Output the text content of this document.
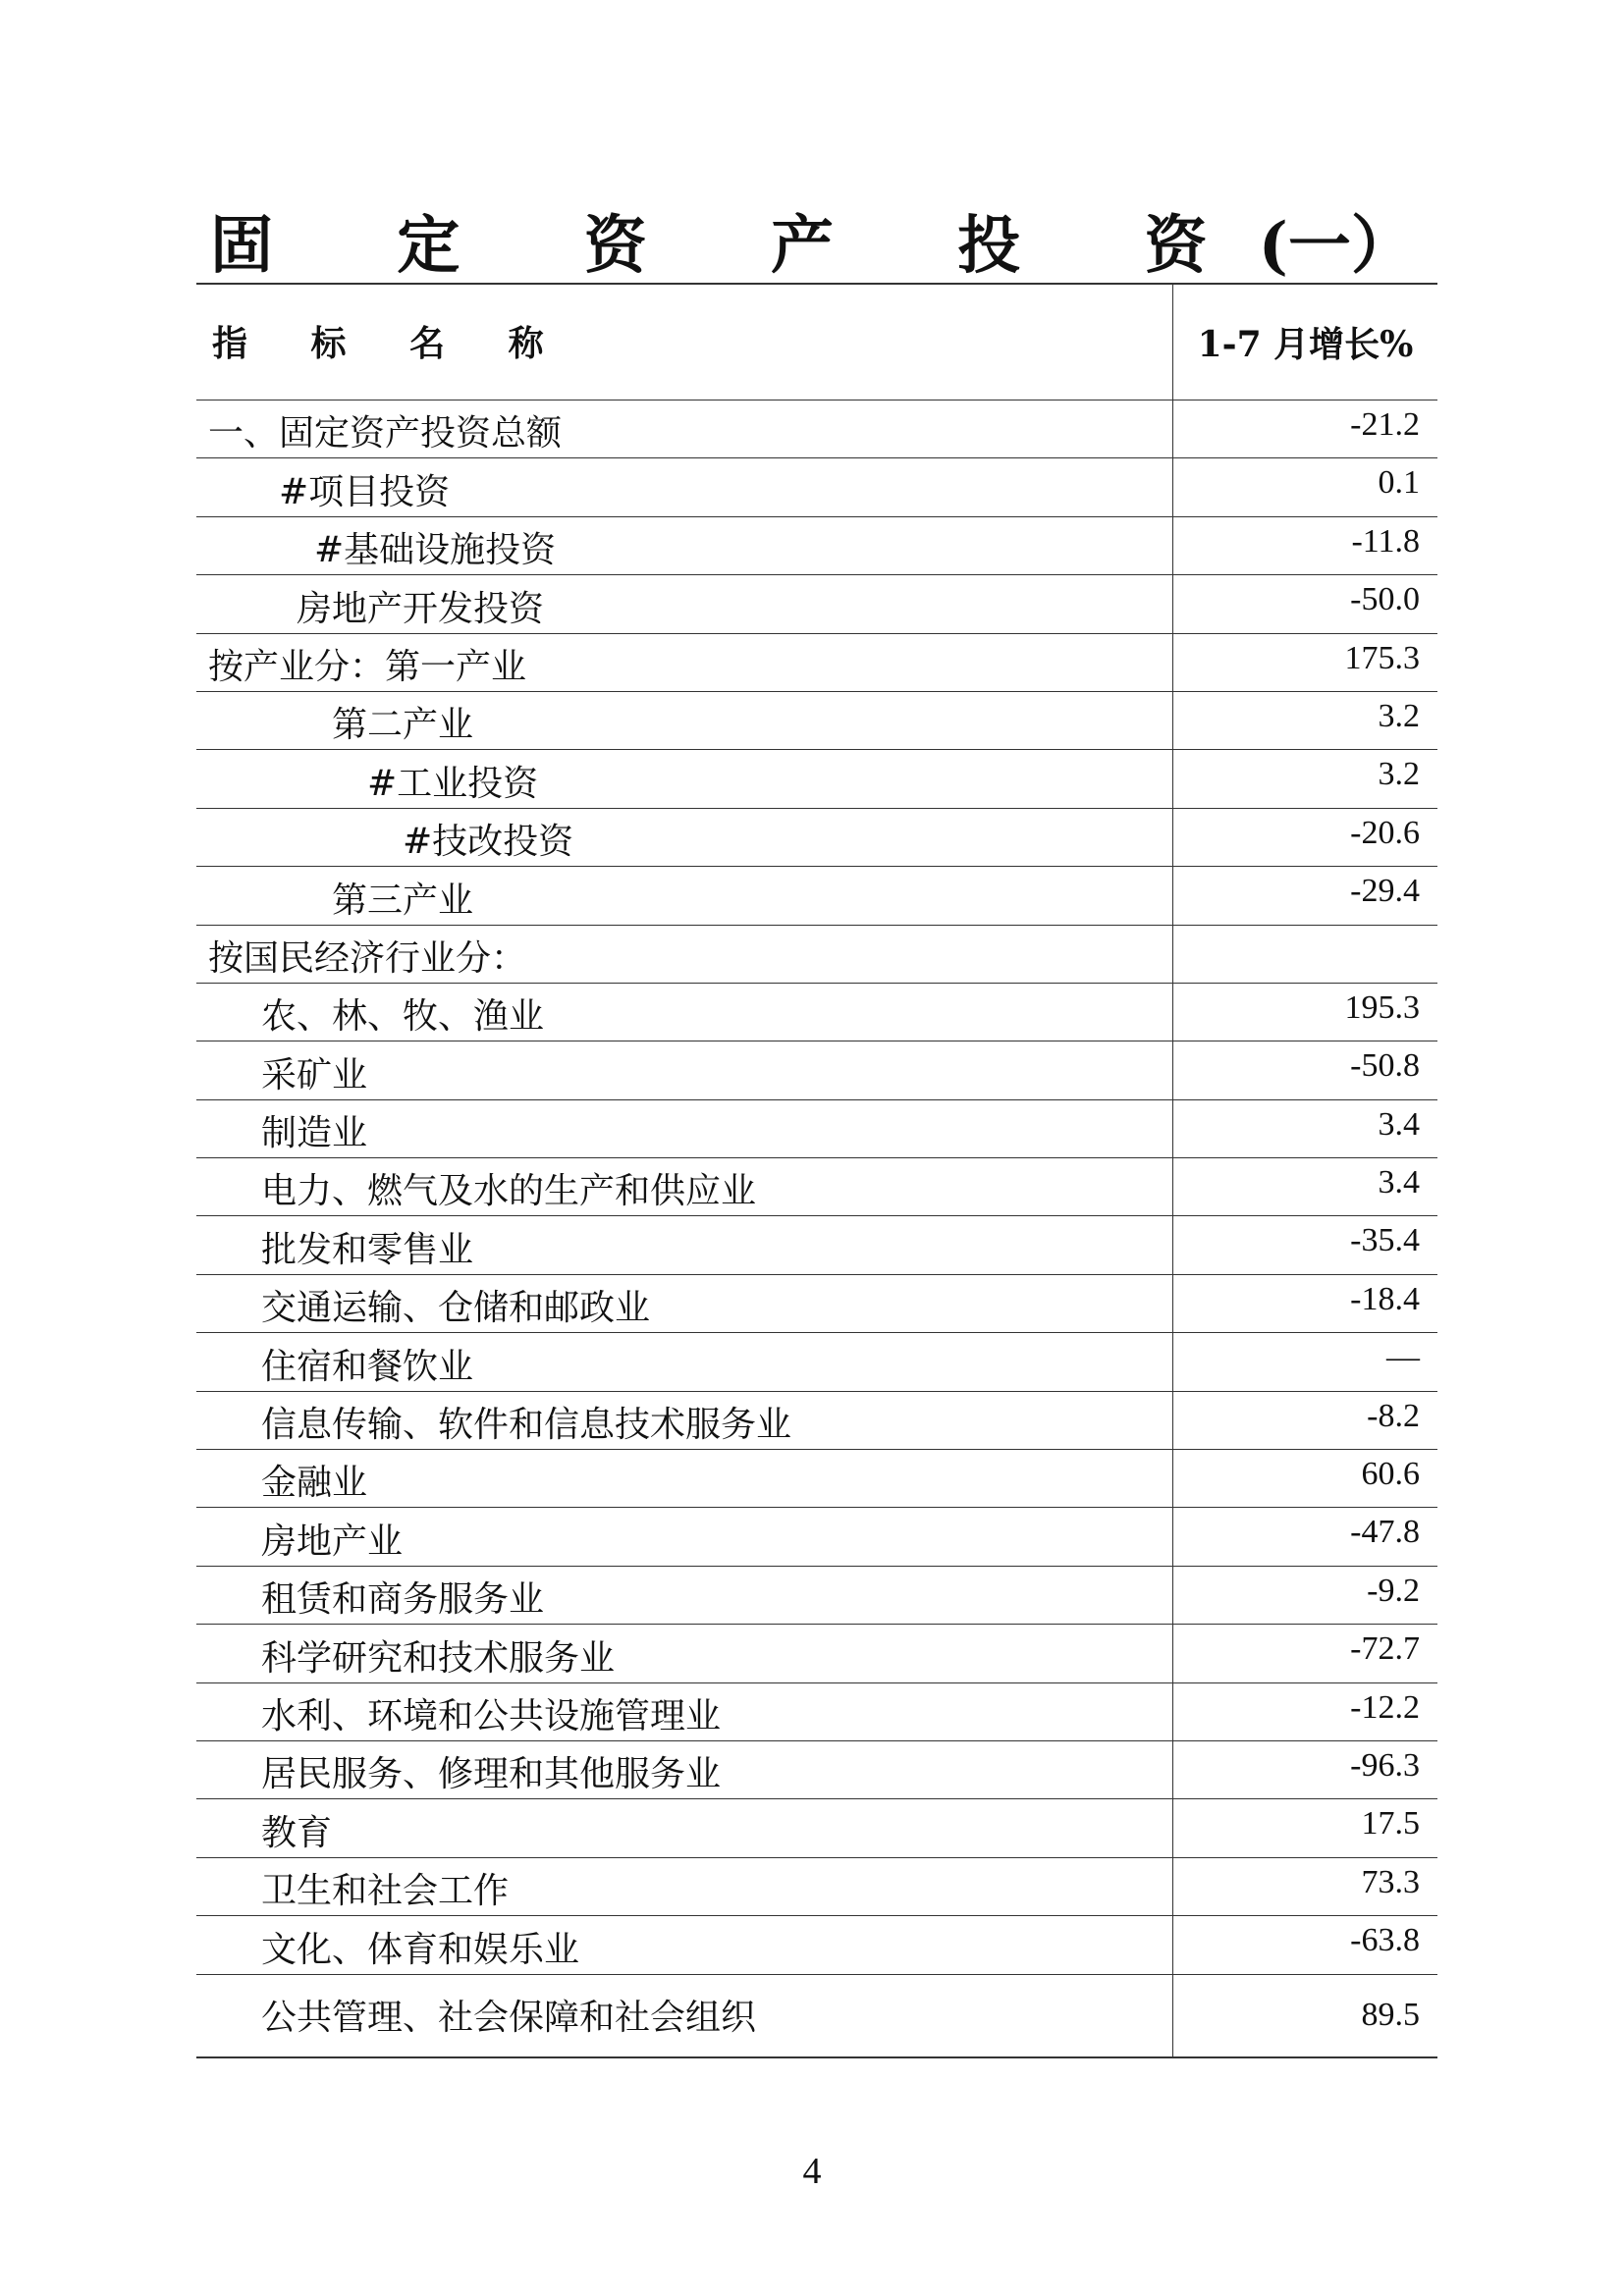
固 定 资 产 投 资 (一）
指 标 名 称	1-7 月增长%
一、固定资产投资总额	-21.2
#项目投资	0.1
#基础设施投资	-11.8
房地产开发投资	-50.0
按产业分：第一产业	175.3
第二产业	3.2
#工业投资	3.2
#技改投资	-20.6
第三产业	-29.4
按国民经济行业分：
农、林、牧、渔业	195.3
采矿业	-50.8
制造业	3.4
电力、燃气及水的生产和供应业	3.4
批发和零售业	-35.4
交通运输、仓储和邮政业	-18.4
住宿和餐饮业	—
信息传输、软件和信息技术服务业	-8.2
金融业	60.6
房地产业	-47.8
租赁和商务服务业	-9.2
科学研究和技术服务业	-72.7
水利、环境和公共设施管理业	-12.2
居民服务、修理和其他服务业	-96.3
教育	17.5
卫生和社会工作	73.3
文化、体育和娱乐业	-63.8
公共管理、社会保障和社会组织	89.5
4
